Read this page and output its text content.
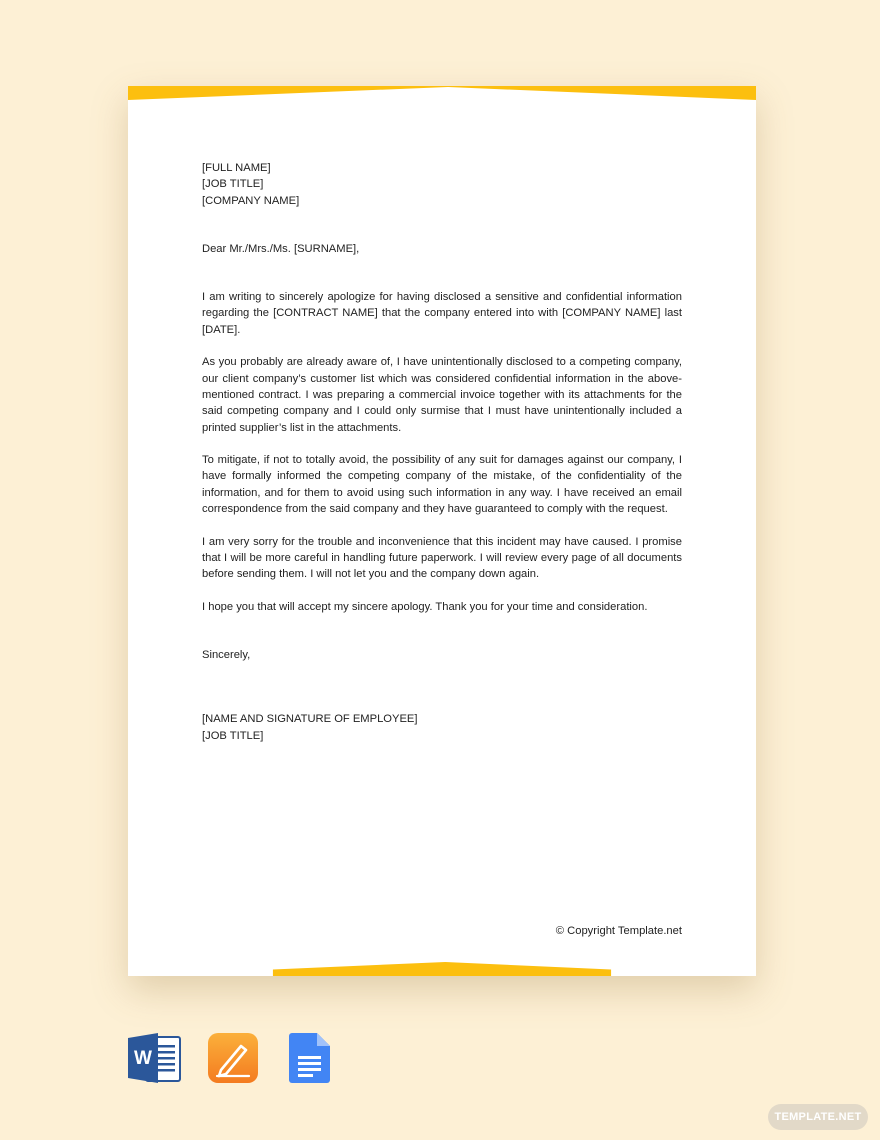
[FULL NAME]
[JOB TITLE]
[COMPANY NAME]

Dear Mr./Mrs./Ms. [SURNAME],

I am writing to sincerely apologize for having disclosed a sensitive and confidential information regarding the [CONTRACT NAME] that the company entered into with [COMPANY NAME] last [DATE].

As you probably are already aware of, I have unintentionally disclosed to a competing company, our client company’s customer list which was considered confidential information in the above-mentioned contract. I was preparing a commercial invoice together with its attachments for the said competing company and I could only surmise that I must have unintentionally included a printed supplier’s list in the attachments.

To mitigate, if not to totally avoid, the possibility of any suit for damages against our company, I have formally informed the competing company of the mistake, of the confidentiality of the information, and for them to avoid using such information in any way. I have received an email correspondence from the said company and they have guaranteed to comply with the request.

I am very sorry for the trouble and inconvenience that this incident may have caused. I promise that I will be more careful in handling future paperwork. I will review every page of all documents before sending them. I will not let you and the company down again.

I hope you that will accept my sincere apology. Thank you for your time and consideration.

Sincerely,

[NAME AND SIGNATURE OF EMPLOYEE]
[JOB TITLE]

© Copyright Template.net
W
TEMPLATE.NET
